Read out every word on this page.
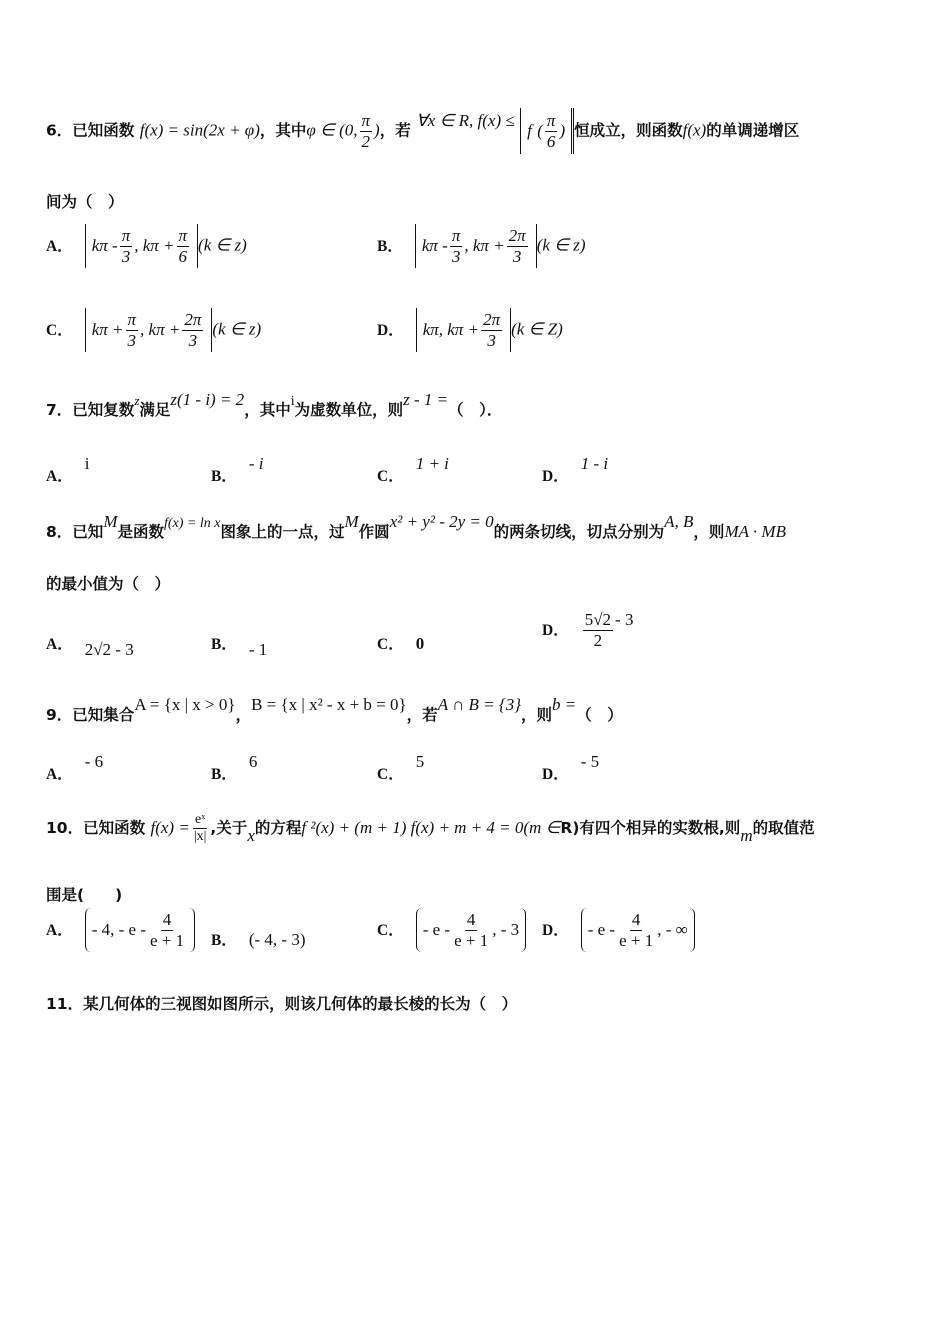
6．已知函数 f(x) = sin(2x + φ)，其中φ ∈ (0, $\frac{\pi}{2}$ )，若 ∀x ∈ R, f(x) ≤ f ( $\frac{\pi}{6}$ ) 恒成立，则函数f(x)的单调递增区
间为（　）
A． kπ - $\frac{\pi}{3}$ , $k\pi + \frac{\pi}{6} (k$ ∈ z)	B． kπ - $\frac{\pi}{3}$ , $k\pi + \frac{2\pi}{3} (k$ ∈ z)
C． $k\pi + \frac{\pi}{3}$ , $k\pi + \frac{2\pi}{3} (k$ ∈ z)	D． kπ, $k\pi + \frac{2\pi}{3} (k$ ∈ Z)
7．已知复数$^z$满足z(1 - i) = 2，其中i为虚数单位，则z - 1 =（　）．
A．i
B．- i
C．1 + i
D．1 - i
8．已知M是函数f(x) = ln x图象上的一点，过M作圆x² + y² - 2y = 0的两条切线，切点分别为A, B，则MA · MB
的最小值为（　）
A． 2√2 - 3	B． - 1	C． 0
D． $\frac{5√2}{2} - 3$
9．已知集合A = {x | x > 0}，B = {x | x² - x + b = 0}，若A ∩ B = {3}，则b =（　）
A．- 6
B．6
C．5
D．- 5
10．已知函数 $f(x) = \frac{\text{eˣ}}{|x|}$ ,关于x的方程f ²(x) + (m + 1) f(x) + m + 4 = 0(m ∈R)有四个相异的实数根,则m的取值范
围是(　　)
A． - 4, - e - $\frac{4}{e + 1}$ B． (- 4, - 3)	C． - e - $\frac{4}{e + 1}$ , - 3	D． - e - $\frac{4}{e + 1}$ , - ∞
11．某几何体的三视图如图所示，则该几何体的最长棱的长为（　）
